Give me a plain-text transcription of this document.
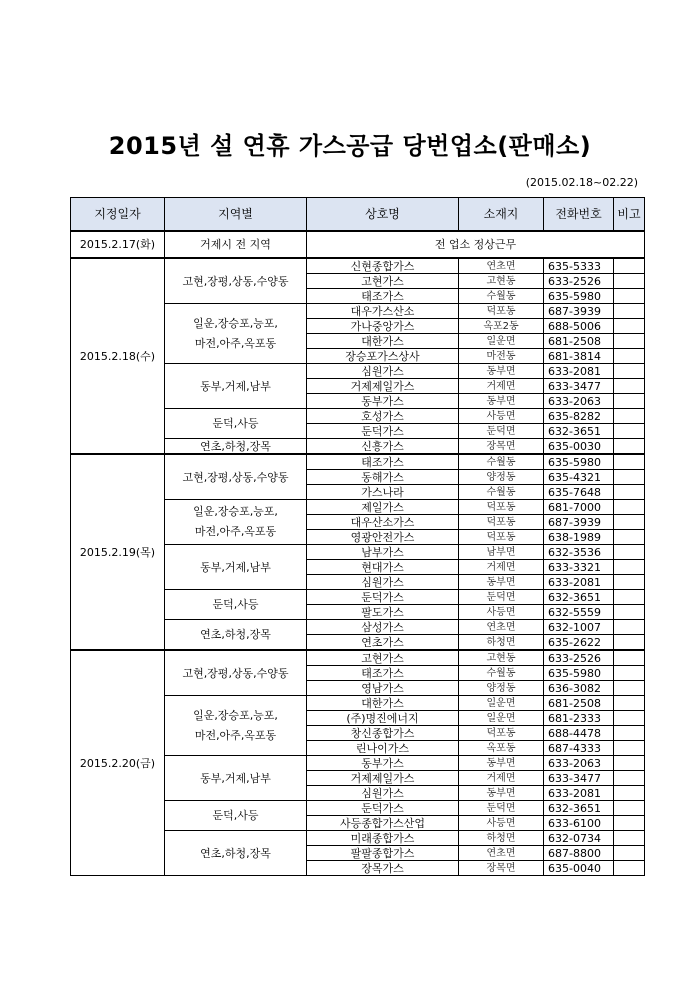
2015년 설 연휴 가스공급 당번업소(판매소)
(2015.02.18~02.22)
지정일자	지역별	상호명	소재지	전화번호	비고
2015.2.17(화)	거제시 전 지역	전 업소 정상근무			
2015.2.18(수)	고현,장평,상동,수양동	신현종합가스	연초면	635-5333	
		고현가스	고현동	633-2526	
		태조가스	수월동	635-5980	

	일운,장승포,능포,
마전,아주,옥포동	대우가스산소	덕포동	687-3939	
		가나중앙가스	옥포2동	688-5006	
		대한가스	일운면	681-2508	
		장승포가스상사	마전동	681-3814	

	동부,거제,남부	심원가스	동부면	633-2081	
		거제제일가스	거제면	633-3477	
		동부가스	동부면	633-2063	

	둔덕,사등	호성가스	사등면	635-8282	
		둔덕가스	둔덕면	632-3651	

	연초,하청,장목	신흥가스	장목면	635-0030	
2015.2.19(목)	고현,장평,상동,수양동	태조가스	수월동	635-5980	
		동해가스	양정동	635-4321	
		가스나라	수월동	635-7648	

	일운,장승포,능포,
마전,아주,옥포동	제일가스	덕포동	681-7000	
		대우산소가스	덕포동	687-3939	
		영광안전가스	덕포동	638-1989	

	동부,거제,남부	남부가스	남부면	632-3536	
		현대가스	거제면	633-3321	
		심원가스	동부면	633-2081	

	둔덕,사등	둔덕가스	둔덕면	632-3651	
		팔도가스	사등면	632-5559	

	연초,하청,장목	삼성가스	연초면	632-1007	
		연초가스	하청면	635-2622	
2015.2.20(금)	고현,장평,상동,수양동	고현가스	고현동	633-2526	
		태조가스	수월동	635-5980	
		영남가스	양정동	636-3082	

	일운,장승포,능포,
마전,아주,옥포동	대한가스	일운면	681-2508	
		(주)명진에너지	일운면	681-2333	
		창신종합가스	덕포동	688-4478	
		린나이가스	옥포동	687-4333	

	동부,거제,남부	동부가스	동부면	633-2063	
		거제제일가스	거제면	633-3477	
		심원가스	동부면	633-2081	

	둔덕,사등	둔덕가스	둔덕면	632-3651	
		사등종합가스산업	사등면	633-6100	

	연초,하청,장목	미래종합가스	하청면	632-0734	
		팔팔종합가스	연초면	687-8800	
		장목가스	장목면	635-0040	
